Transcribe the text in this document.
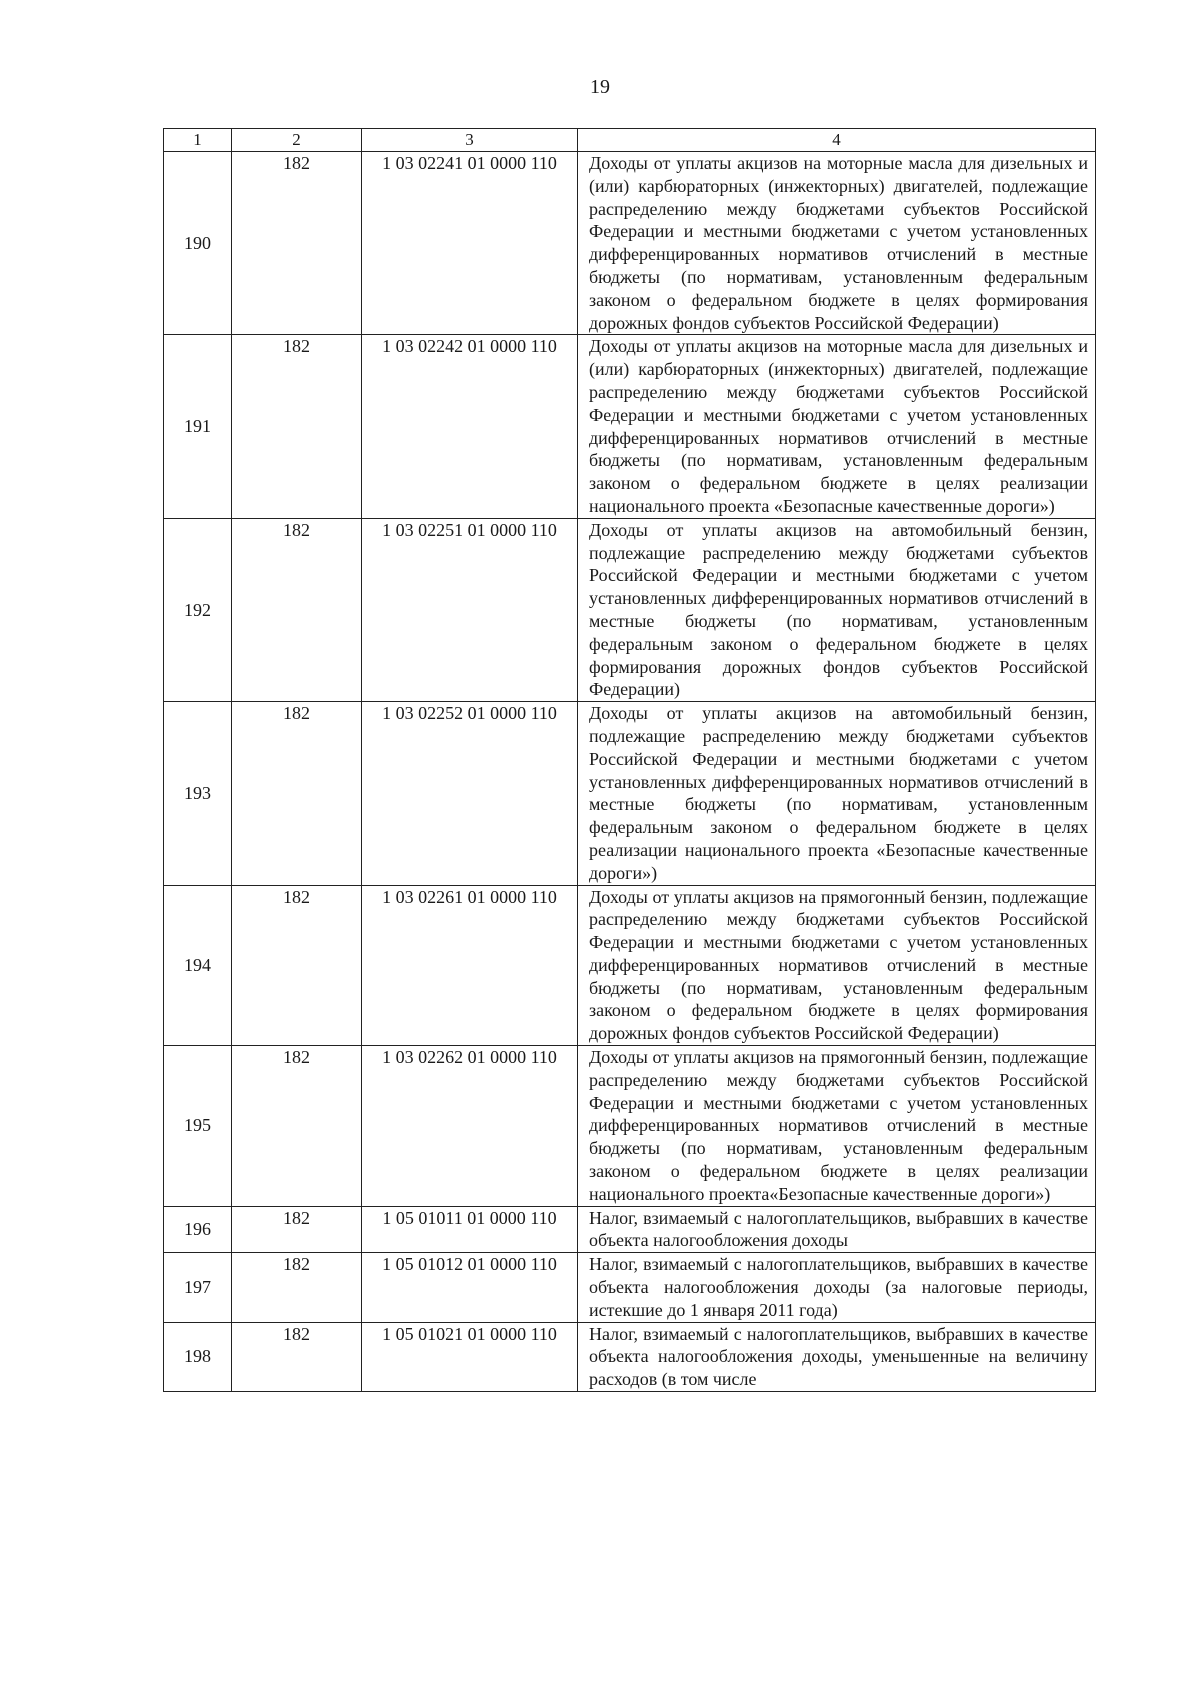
19
1	2	3	4
190	182	1 03 02241 01 0000 110	Доходы от уплаты акцизов на моторные масла для дизельных и (или) карбюраторных (инжекторных) двигателей, подлежащие распределению между бюджетами субъектов Российской Федерации и местными бюджетами с учетом установленных дифференцированных нормативов отчислений в местные бюджеты (по нормативам, установленным федеральным законом о федеральном бюджете в целях формирования дорожных фондов субъектов Российской Федерации)

191	182	1 03 02242 01 0000 110	Доходы от уплаты акцизов на моторные масла для дизельных и (или) карбюраторных (инжекторных) двигателей, подлежащие распределению между бюджетами субъектов Российской Федерации и местными бюджетами с учетом установленных дифференцированных нормативов отчислений в местные бюджеты (по нормативам, установленным федеральным законом о федеральном бюджете в целях реализации национального проекта «Безопасные качественные дороги»)

192	182	1 03 02251 01 0000 110	Доходы от уплаты акцизов на автомобильный бензин, подлежащие распределению между бюджетами субъектов Российской Федерации и местными бюджетами с учетом установленных дифференцированных нормативов отчислений в местные бюджеты (по нормативам, установленным федеральным законом о федеральном бюджете в целях формирования дорожных фондов субъектов Российской Федерации)

193	182	1 03 02252 01 0000 110	Доходы от уплаты акцизов на автомобильный бензин, подлежащие распределению между бюджетами субъектов Российской Федерации и местными бюджетами с учетом установленных дифференцированных нормативов отчислений в местные бюджеты (по нормативам, установленным федеральным законом о федеральном бюджете в целях реализации национального проекта «Безопасные качественные дороги»)

194	182	1 03 02261 01 0000 110	Доходы от уплаты акцизов на прямогонный бензин, подлежащие распределению между бюджетами субъектов Российской Федерации и местными бюджетами с учетом установленных дифференцированных нормативов отчислений в местные бюджеты (по нормативам, установленным федеральным законом о федеральном бюджете в целях формирования дорожных фондов субъектов Российской Федерации)

195	182	1 03 02262 01 0000 110	Доходы от уплаты акцизов на прямогонный бензин, подлежащие распределению между бюджетами субъектов Российской Федерации и местными бюджетами с учетом установленных дифференцированных нормативов отчислений в местные бюджеты (по нормативам, установленным федеральным законом о федеральном бюджете в целях реализации национального проекта«Безопасные качественные дороги»)

196	182	1 05 01011 01 0000 110	Налог, взимаемый с налогоплательщиков, выбравших в качестве объекта налогообложения доходы

197	182	1 05 01012 01 0000 110	Налог, взимаемый с налогоплательщиков, выбравших в качестве объекта налогообложения доходы (за налоговые периоды, истекшие до 1 января 2011 года)

198	182	1 05 01021 01 0000 110	Налог, взимаемый с налогоплательщиков, выбравших в качестве объекта налогообложения доходы, уменьшенные на величину расходов (в том числе
